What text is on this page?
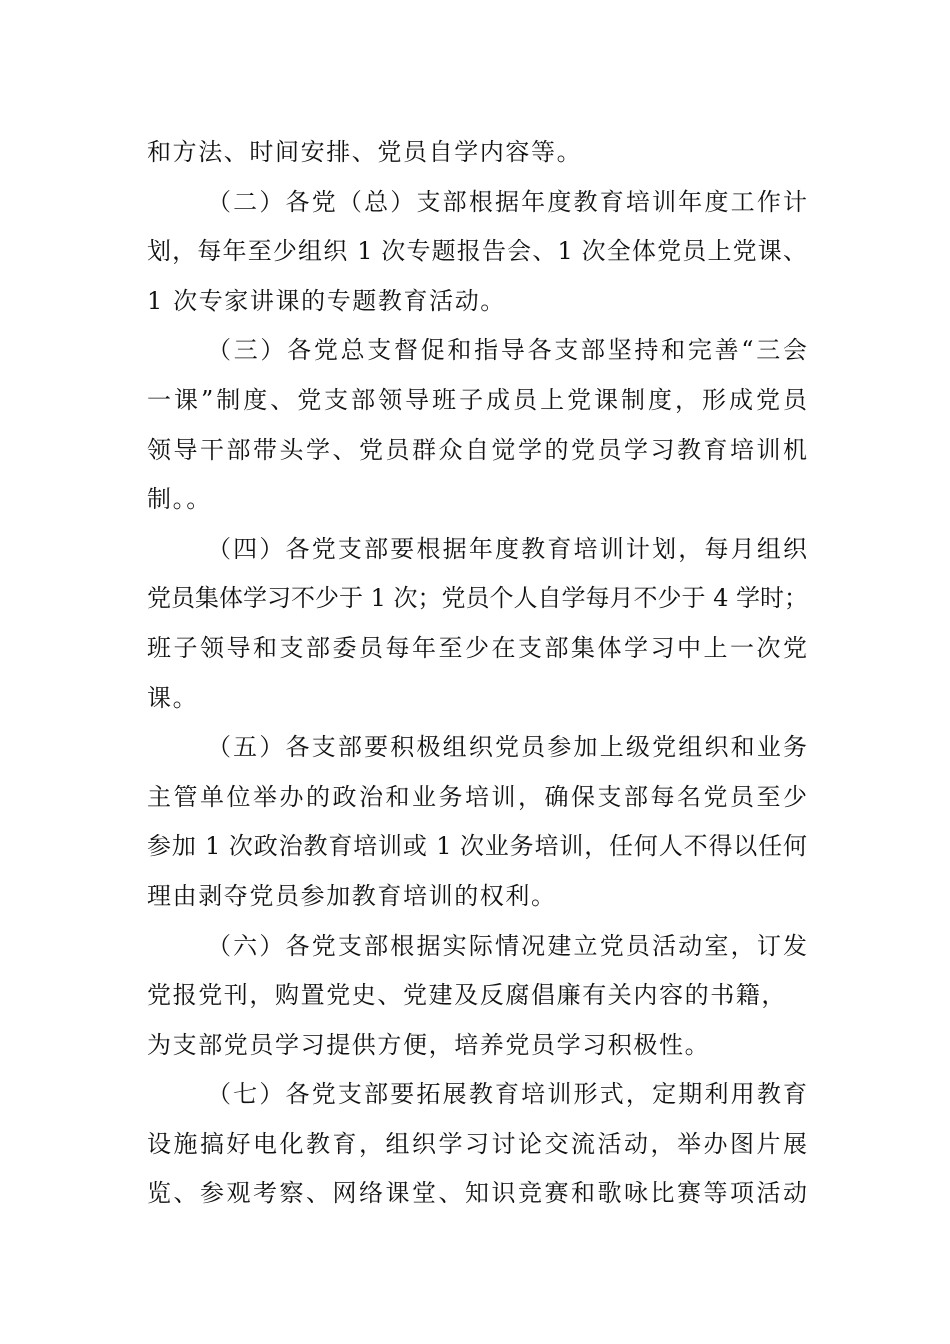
和方法、时间安排、党员自学内容等。
（二）各党（总）支部根据年度教育培训年度工作计
划，每年至少组织 1 次专题报告会、1 次全体党员上党课、
1 次专家讲课的专题教育活动。
（三）各党总支督促和指导各支部坚持和完善“三会
一课”制度、党支部领导班子成员上党课制度，形成党员
领导干部带头学、党员群众自觉学的党员学习教育培训机
制。。
（四）各党支部要根据年度教育培训计划，每月组织
党员集体学习不少于 1 次；党员个人自学每月不少于 4 学时；
班子领导和支部委员每年至少在支部集体学习中上一次党
课。
（五）各支部要积极组织党员参加上级党组织和业务
主管单位举办的政治和业务培训，确保支部每名党员至少
参加 1 次政治教育培训或 1 次业务培训，任何人不得以任何
理由剥夺党员参加教育培训的权利。
（六）各党支部根据实际情况建立党员活动室，订发
党报党刊，购置党史、党建及反腐倡廉有关内容的书籍，
为支部党员学习提供方便，培养党员学习积极性。
（七）各党支部要拓展教育培训形式，定期利用教育
设施搞好电化教育，组织学习讨论交流活动，举办图片展
览、参观考察、网络课堂、知识竞赛和歌咏比赛等项活动
